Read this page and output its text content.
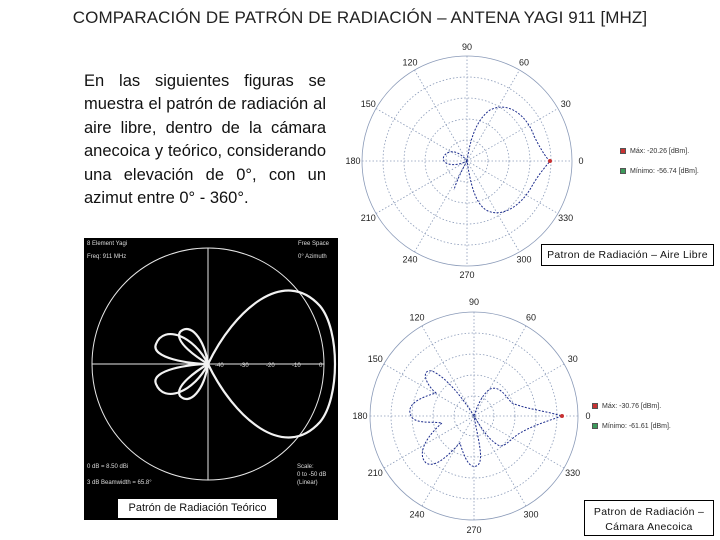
COMPARACIÓN DE PATRÓN DE RADIACIÓN – ANTENA YAGI 911 [MHZ]
En las siguientes figuras se muestra el patrón de radiación al aire libre, dentro de la cámara anecoica y teórico, considerando una elevación de 0°, con un azimut entre 0° - 360°.
8 Element Yagi
Freq: 911 MHz
Free Space
0° Azimuth
-40	-30	-20	-10	0
0 dB = 8.50 dBi
3 dB Beamwidth = 65.8°
Scale:
0 to -50 dB
(Linear)
Patrón de Radiación Teórico
90
60
30
0
330
300
270
240
210
180
150
120
Máx: -20.26 [dBm].
Mínimo: -56.74 [dBm].
Patron de Radiación – Aire Libre
90
60
30
0
330
300
270
240
210
180
150
120
Máx: -30.76 [dBm].
Mínimo: -61.61 [dBm].
Patron de Radiación –
Cámara Anecoica
